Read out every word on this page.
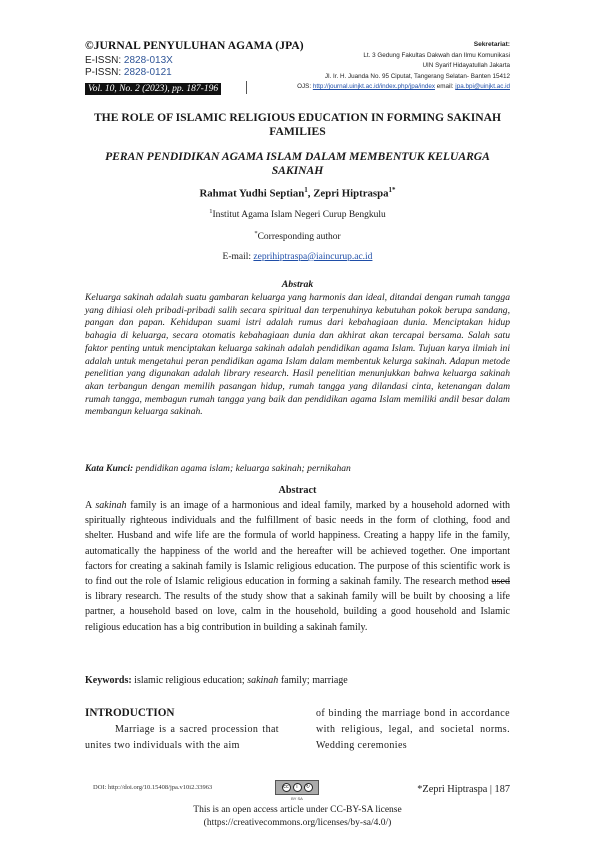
©JURNAL PENYULUHAN AGAMA (JPA)
E-ISSN: 2828-013X
P-ISSN: 2828-0121
Vol. 10, No. 2 (2023), pp. 187-196
Sekretariat:
Lt. 3 Gedung Fakultas Dakwah dan Ilmu Komunikasi
UIN Syarif Hidayatullah Jakarta
Jl. Ir. H. Juanda No. 95 Ciputat, Tangerang Selatan- Banten 15412
OJS: http://journal.uinjkt.ac.id/index.php/jpa/index email: jpa.bpi@uinjkt.ac.id
THE ROLE OF ISLAMIC RELIGIOUS EDUCATION IN FORMING SAKINAH FAMILIES
PERAN PENDIDIKAN AGAMA ISLAM DALAM MEMBENTUK KELUARGA SAKINAH
Rahmat Yudhi Septian$^1$, Zepri Hiptraspa$^{1*}$
$^1$Institut Agama Islam Negeri Curup Bengkulu
*Corresponding author
E-mail: zeprihiptraspa@iaincurup.ac.id
Abstrak
Keluarga sakinah adalah suatu gambaran keluarga yang harmonis dan ideal, ditandai dengan rumah tangga yang dihiasi oleh pribadi-pribadi salih secara spiritual dan terpenuhinya kebutuhan pokok berupa sandang, pangan dan papan. Kehidupan suami istri adalah rumus dari kebahagiaan dunia. Menciptakan hidup bahagia di keluarga, secara otomatis kebahagiaan dunia dan akhirat akan tercapai bersama. Salah satu faktor penting untuk menciptakan keluarga sakinah adalah pendidikan agama Islam. Tujuan karya ilmiah ini adalah untuk mengetahui peran pendidikan agama Islam dalam membentuk kelurga sakinah. Adapun metode penelitian yang digunakan adalah library research. Hasil penelitian menunjukkan bahwa keluarga sakinah akan terbangun dengan memilih pasangan hidup, rumah tangga yang dilandasi cinta, ketenangan dalam rumah tangga, membagun rumah tangga yang baik dan pendidikan agama Islam memiliki andil besar dalam membangun keluarga sakinah.
Kata Kunci: pendidikan agama islam; keluarga sakinah; pernikahan
Abstract
A sakinah family is an image of a harmonious and ideal family, marked by a household adorned with spiritually righteous individuals and the fulfillment of basic needs in the form of clothing, food and shelter. Husband and wife life are the formula of world happiness. Creating a happy life in the family, automatically the happiness of the world and the hereafter will be achieved together. One important factors for creating a sakinah family is Islamic religious education. The purpose of this scientific work is to find out the role of Islamic religious education in forming a sakinah family. The research method used is library research. The results of the study show that a sakinah family will be built by choosing a life partner, a household based on love, calm in the household, building a good household and Islamic religious education has a big contribution in building a sakinah family.
Keywords: islamic religious education; sakinah family; marriage
INTRODUCTION
Marriage is a sacred procession that unites two individuals with the aim
of binding the marriage bond in accordance with religious, legal, and societal norms. Wedding ceremonies
DOI: http://doi.org/10.15408/jpa.v10i2.33963	cc	i	↻
BY SA
*Zepri Hiptraspa | 187
This is an open access article under CC-BY-SA license
(https://creativecommons.org/licenses/by-sa/4.0/)
